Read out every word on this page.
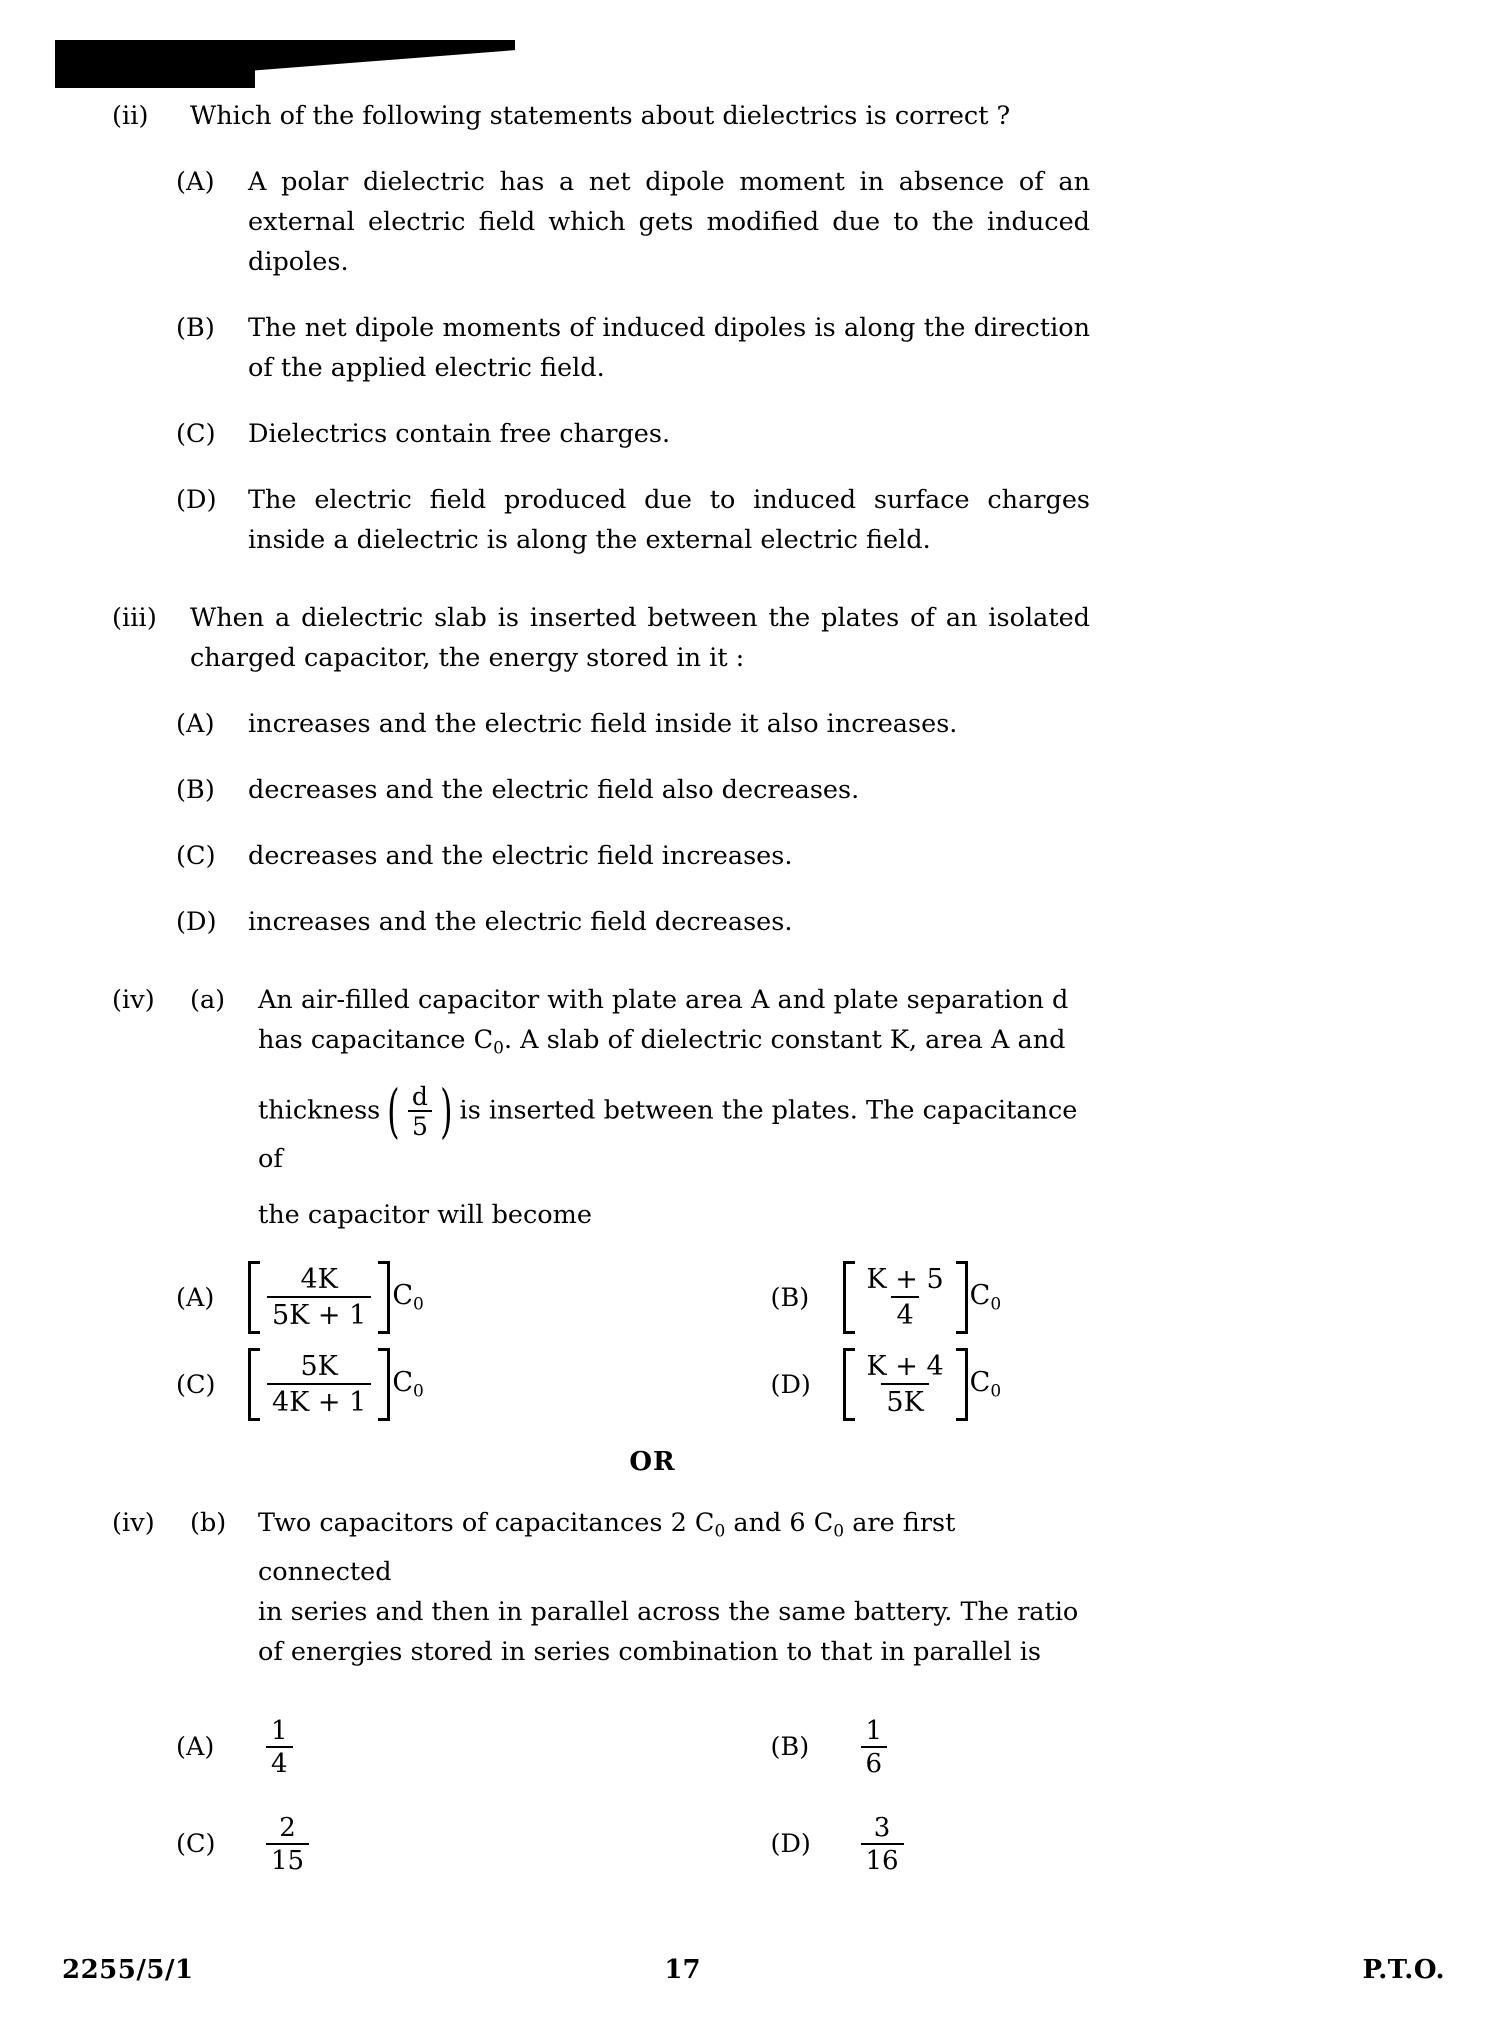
(ii)	Which of the following statements about dielectrics is correct ?
(A)	A polar dielectric has a net dipole moment in absence of an external electric field which gets modified due to the induced dipoles.
(B)	The net dipole moments of induced dipoles is along the direction of the applied electric field.
(C)	Dielectrics contain free charges.
(D)	The electric field produced due to induced surface charges inside a dielectric is along the external electric field.
(iii)	When a dielectric slab is inserted between the plates of an isolated charged capacitor, the energy stored in it :
(A)	increases and the electric field inside it also increases.
(B)	decreases and the electric field also decreases.
(C)	decreases and the electric field increases.
(D)	increases and the electric field decreases.
(iv)	(a)	An air-filled capacitor with plate area A and plate separation d
has capacitance $C_0$. A slab of dielectric constant K, area A and
thickness ( $\frac{d}{5}$ ) is inserted between the plates. The capacitance of
the capacitor will become
(A)	$\frac{4K}{5K + 1} C_0$	(B)	$\frac{K + 5}{4} C_0$
(C)	$\frac{5K}{4K + 1} C_0$	(D)	$\frac{K + 4}{5K} C_0$
OR
(iv)	(b)	Two capacitors of capacitances 2 $C_0$ and 6 $C_0$ are first connected
in series and then in parallel across the same battery. The ratio
of energies stored in series combination to that in parallel is
(A)	$\frac{1}{4}$	(B)	$\frac{1}{6}$
(C)	$\frac{2}{15}$	(D)	$\frac{3}{16}$
2255/5/1	17	P.T.O.
